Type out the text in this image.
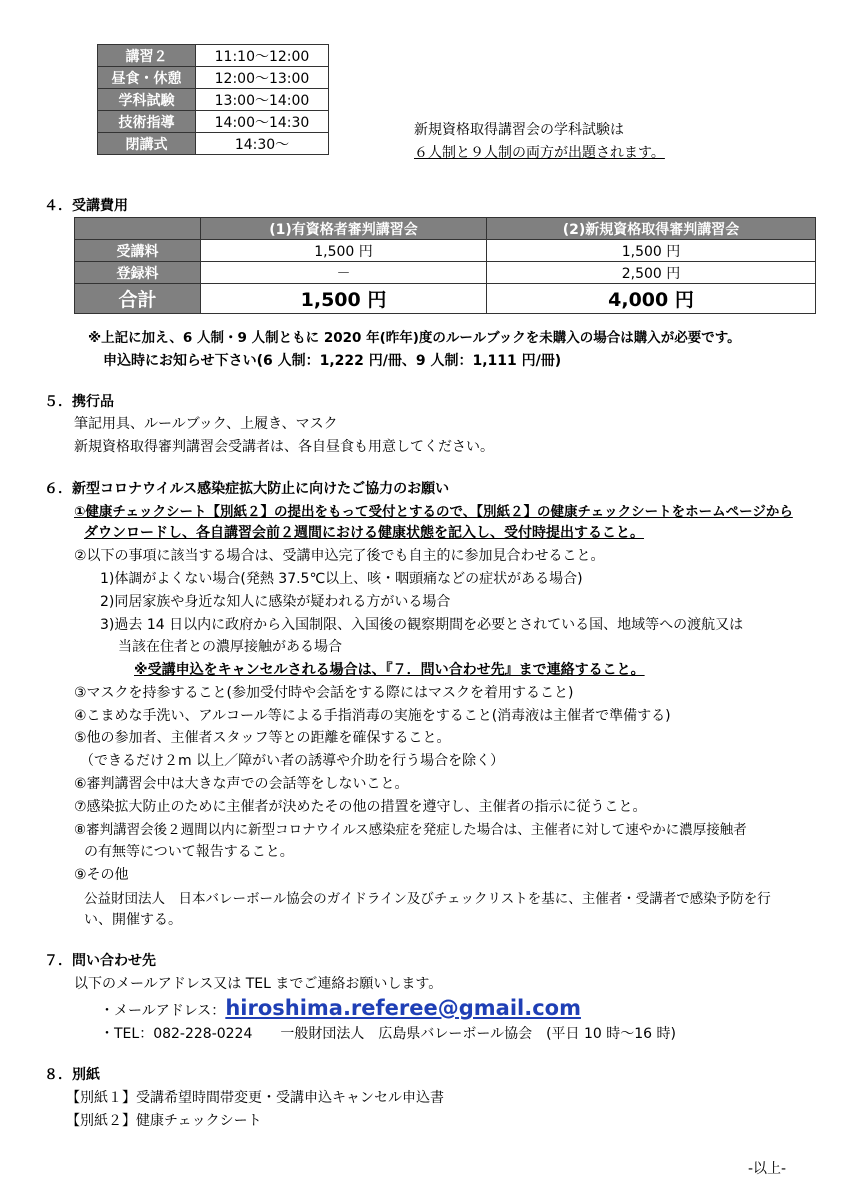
講習２	11:10～12:00
昼食・休憩	12:00～13:00
学科試験	13:00～14:00
技術指導	14:00～14:30
閉講式	14:30～
新規資格取得講習会の学科試験は
６人制と９人制の両方が出題されます。
４．受講費用
	(1)有資格者審判講習会	(2)新規資格取得審判講習会
受講料	1,500 円	1,500 円
登録料	－	2,500 円
合計	1,500 円	4,000 円
※上記に加え、6 人制・9 人制ともに 2020 年(昨年)度のルールブックを未購入の場合は購入が必要です。
申込時にお知らせ下さい(6 人制：1,222 円/冊、9 人制：1,111 円/冊)
５．携行品
筆記用具、ルールブック、上履き、マスク
新規資格取得審判講習会受講者は、各自昼食も用意してください。
６．新型コロナウイルス感染症拡大防止に向けたご協力のお願い
①健康チェックシート【別紙２】の提出をもって受付とするので、【別紙２】の健康チェックシートをホームページから
ダウンロードし、各自講習会前２週間における健康状態を記入し、受付時提出すること。
②以下の事項に該当する場合は、受講申込完了後でも自主的に参加見合わせること。
1)体調がよくない場合(発熱 37.5℃以上、咳・咽頭痛などの症状がある場合)
2)同居家族や身近な知人に感染が疑われる方がいる場合
3)過去 14 日以内に政府から入国制限、入国後の観察期間を必要とされている国、地域等への渡航又は
当該在住者との濃厚接触がある場合
※受講申込をキャンセルされる場合は、『７．問い合わせ先』まで連絡すること。
③マスクを持参すること(参加受付時や会話をする際にはマスクを着用すること)
④こまめな手洗い、アルコール等による手指消毒の実施をすること(消毒液は主催者で準備する)
⑤他の参加者、主催者スタッフ等との距離を確保すること。
（できるだけ２m 以上／障がい者の誘導や介助を行う場合を除く）
⑥審判講習会中は大きな声での会話等をしないこと。
⑦感染拡大防止のために主催者が決めたその他の措置を遵守し、主催者の指示に従うこと。
⑧審判講習会後２週間以内に新型コロナウイルス感染症を発症した場合は、主催者に対して速やかに濃厚接触者
の有無等について報告すること。
⑨その他
公益財団法人　日本バレーボール協会のガイドライン及びチェックリストを基に、主催者・受講者で感染予防を行
い、開催する。
７．問い合わせ先
以下のメールアドレス又は TEL までご連絡お願いします。
・メールアドレス：hiroshima.referee@gmail.com
・TEL：082-228-0224　　一般財団法人　広島県バレーボール協会　(平日 10 時～16 時)
８．別紙
【別紙１】受講希望時間帯変更・受講申込キャンセル申込書
【別紙２】健康チェックシート
-以上-
